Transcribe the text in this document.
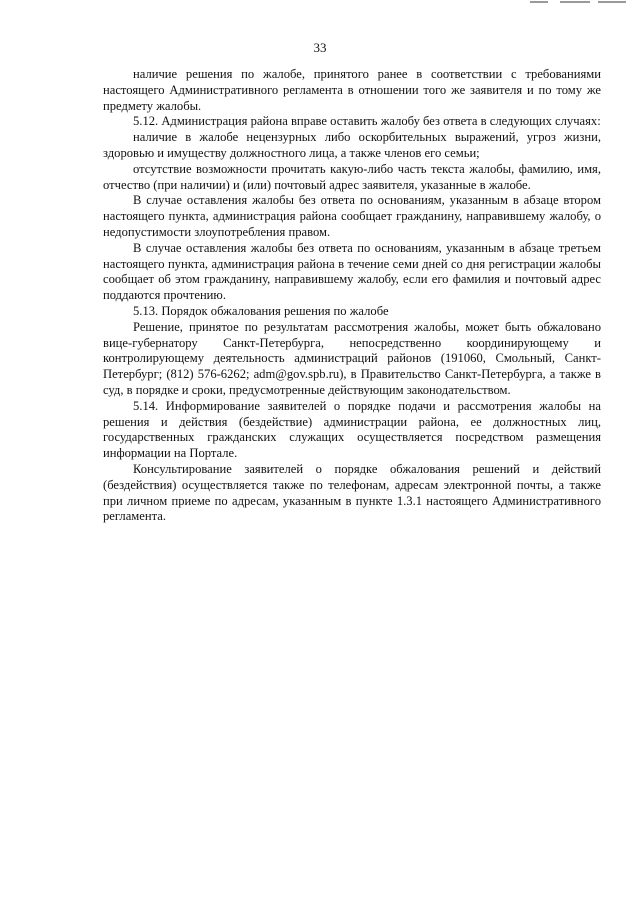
33

наличие решения по жалобе, принятого ранее в соответствии с требованиями настоящего Административного регламента в отношении того же заявителя и по тому же предмету жалобы.

5.12. Администрация района вправе оставить жалобу без ответа в следующих случаях:

наличие в жалобе нецензурных либо оскорбительных выражений, угроз жизни, здоровью и имуществу должностного лица, а также членов его семьи;

отсутствие возможности прочитать какую-либо часть текста жалобы, фамилию, имя, отчество (при наличии) и (или) почтовый адрес заявителя, указанные в жалобе.

В случае оставления жалобы без ответа по основаниям, указанным в абзаце втором настоящего пункта, администрация района сообщает гражданину, направившему жалобу, о недопустимости злоупотребления правом.

В случае оставления жалобы без ответа по основаниям, указанным в абзаце третьем настоящего пункта, администрация района в течение семи дней со дня регистрации жалобы сообщает об этом гражданину, направившему жалобу, если его фамилия и почтовый адрес поддаются прочтению.

5.13. Порядок обжалования решения по жалобе

Решение, принятое по результатам рассмотрения жалобы, может быть обжаловано вице-губернатору Санкт-Петербурга, непосредственно координирующему и контролирующему деятельность администраций районов (191060, Смольный, Санкт-Петербург; (812) 576-6262; adm@gov.spb.ru), в Правительство Санкт-Петербурга, а также в суд, в порядке и сроки, предусмотренные действующим законодательством.

5.14. Информирование заявителей о порядке подачи и рассмотрения жалобы на решения и действия (бездействие) администрации района, ее должностных лиц, государственных гражданских служащих осуществляется посредством размещения информации на Портале.

Консультирование заявителей о порядке обжалования решений и действий (бездействия) осуществляется также по телефонам, адресам электронной почты, а также при личном приеме по адресам, указанным в пункте 1.3.1 настоящего Административного регламента.
